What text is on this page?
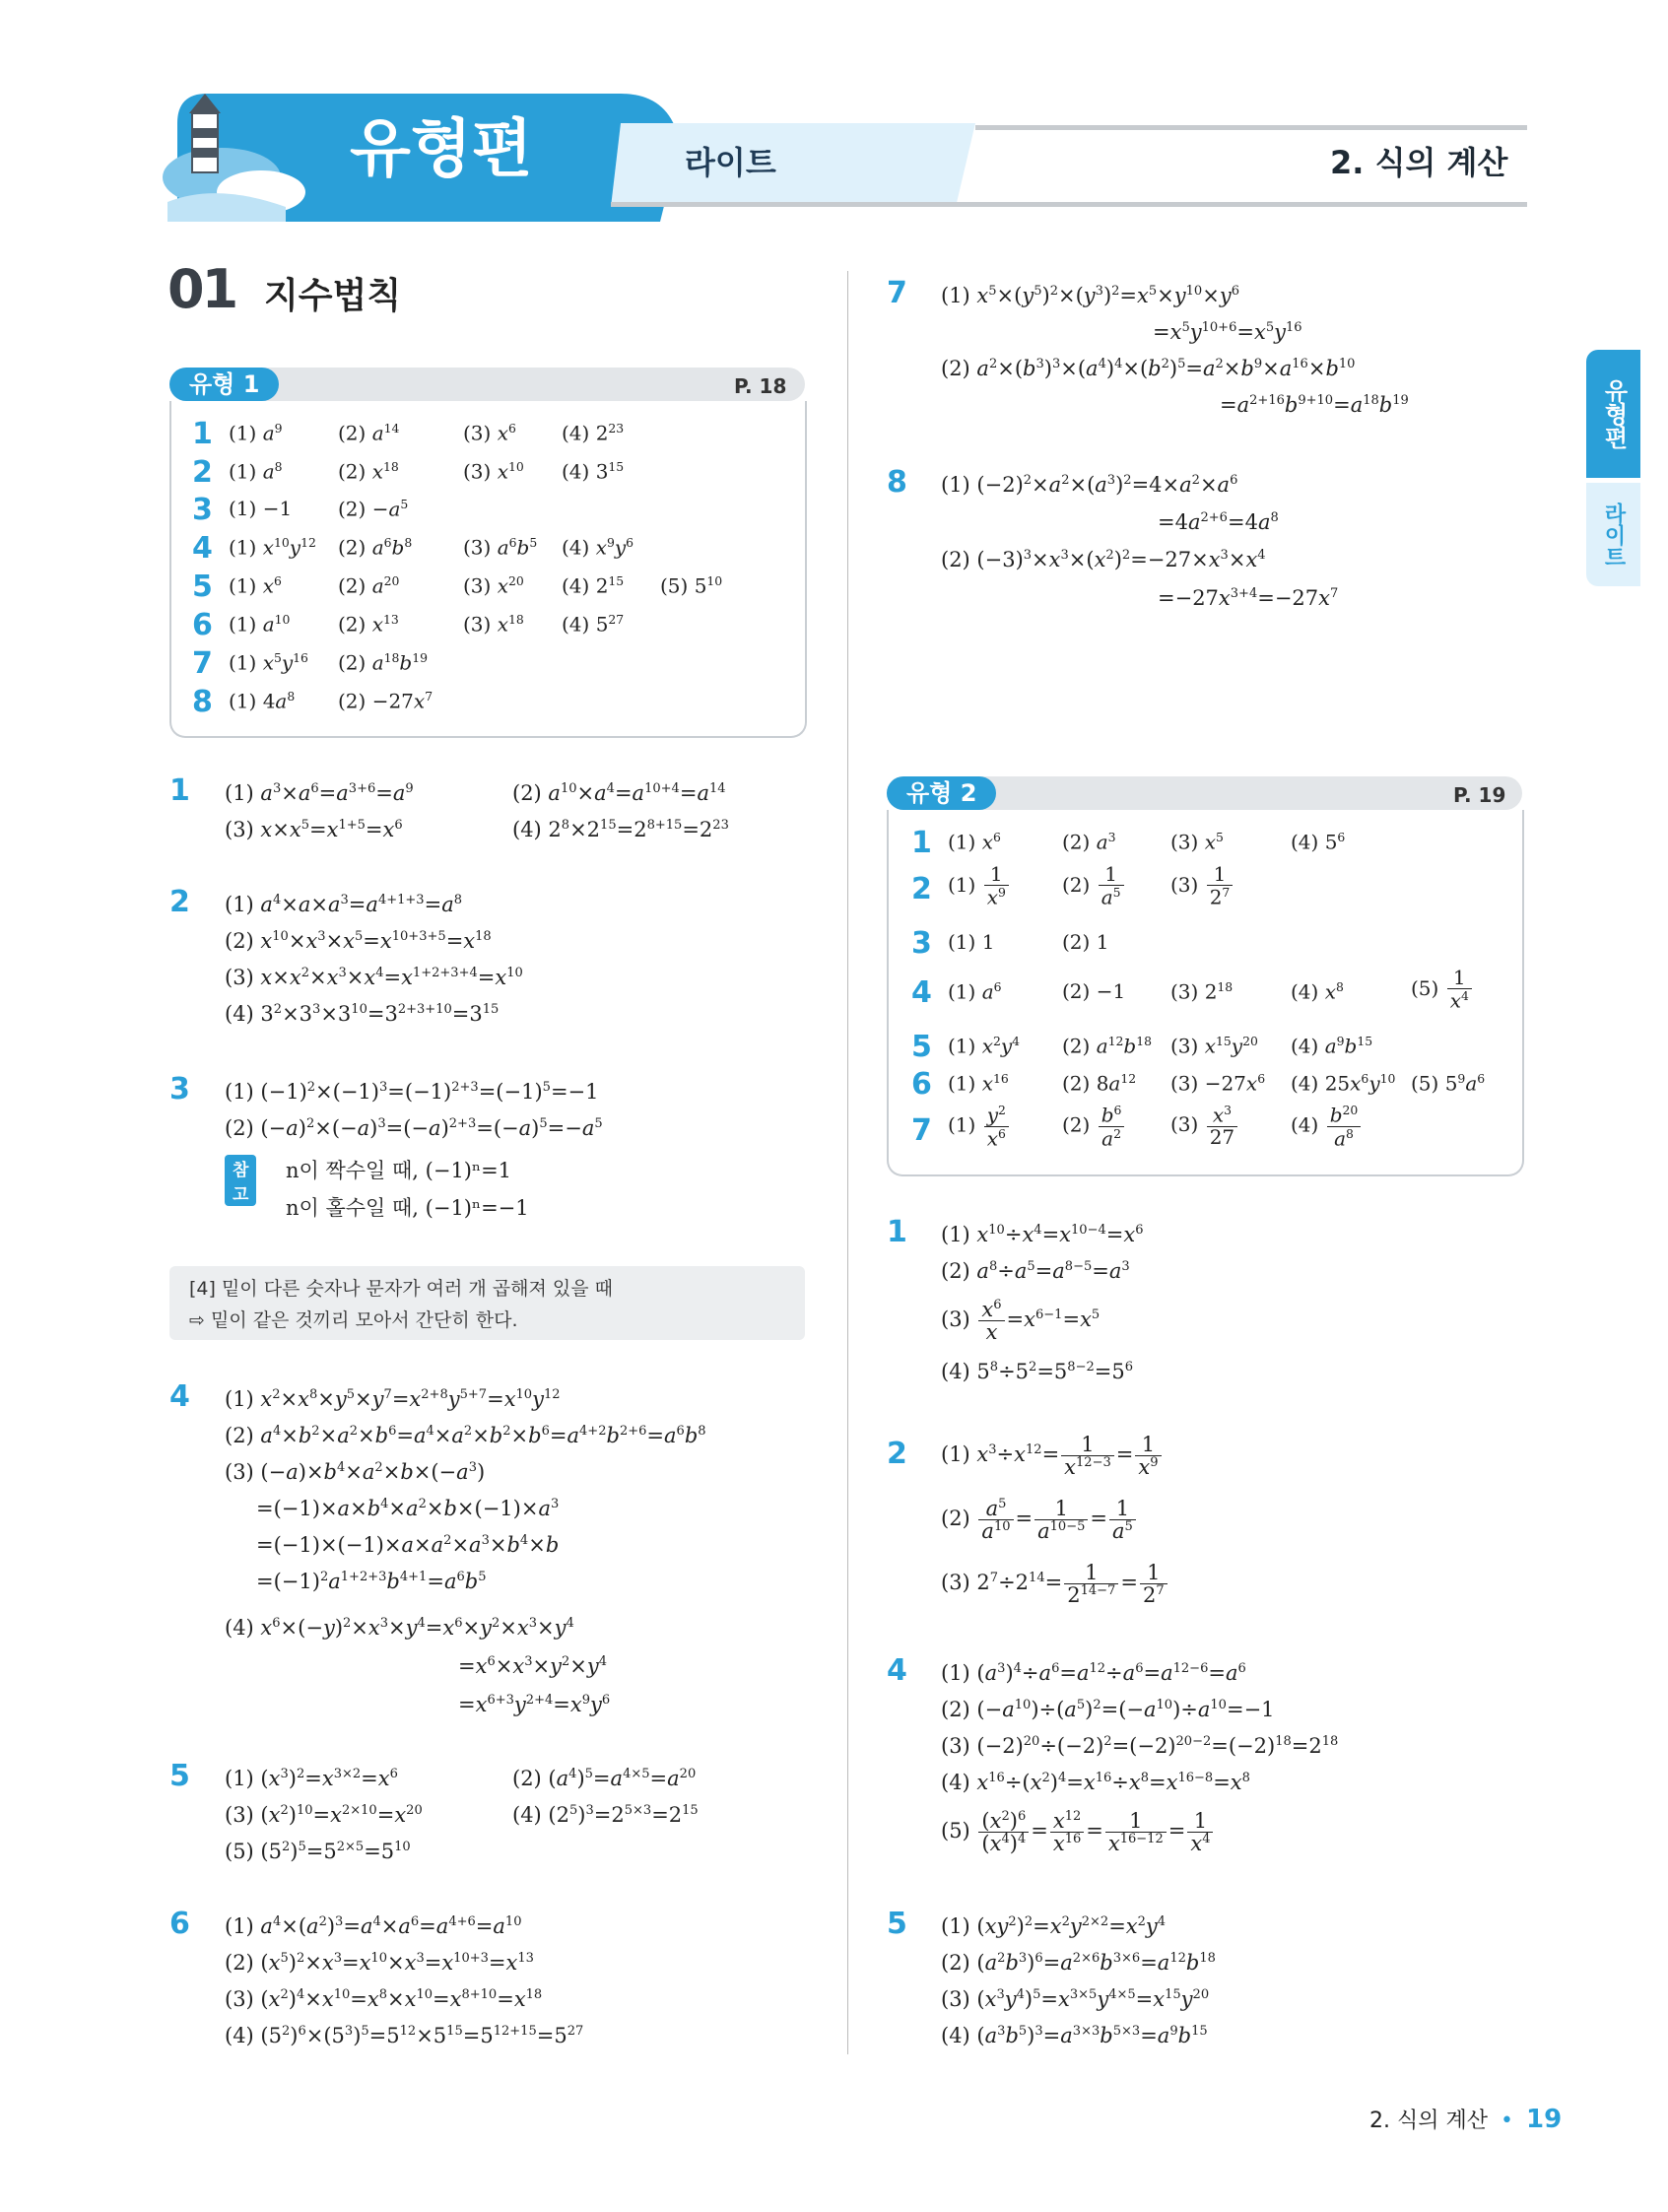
유형편	라이트	2. 식의 계산
유형편
라이트
01 지수법칙
유형 1	P. 18
1 (1) $a^9$	(2) $a^{14}$	(3) $x^6$ (4) $2^{23}$
2 (1) $a^8$	(2) $x^{18}$	(3) $x^{10}$ (4) $3^{15}$
3 (1) −1 $(2) -a^5$
4 (1) $x^{10}y^{12}$ (2) $a^6b^8$	(3) $a^6b^5$ (4) $x^9y^6$
5 (1) $x^6$	(2) $a^{20}$	(3) $x^{20}$ (4) $2^{15}$ (5) $5^{10}$
6 (1) $a^{10}$ (2) $x^{13}$	(3) $x^{18}$ (4) $5^{27}$
7 (1) $x^5y^{16}$ (2) $a^{18}b^{19}$
8 (1) $4a^8$ $(2) -27x^7$
1 (1) $a^3\times a^6=a^{3+6}=a^9$	(2) $a^{10}\times a^4=a^{10+4}=a^{14}$
(3) $x\times x^5=x^{1+5}=x^6$	(4) $2^8\times 2^{15}=2^{8+15}=2^{23}$
2 (1) $a^4\times a\times a^3=a^{4+1+3}=a^8$
(2) $x^{10}\times x^3\times x^5=x^{10+3+5}=x^{18}$
(3) $x\times x^2\times x^3\times x^4=x^{1+2+3+4}=x^{10}$
(4) $3^2\times 3^3\times 3^{10}=3^{2+3+10}=3^{15}$
3 (1) $(-1)^2\times(-1)^3=(-1)^{2+3}=(-1)^5=-1$
(2) $(-a)^2\times(-a)^3=(-a)^{2+3}=(-a)^5=-a^5$
참고
n이 짝수일 때, (−1)ⁿ=1
n이 홀수일 때, (−1)ⁿ=−1
[4] 밑이 다른 숫자나 문자가 여러 개 곱해져 있을 때
⇨ 밑이 같은 것끼리 모아서 간단히 한다.
4 (1) $x^2\times x^8\times y^5\times y^7=x^{2+8}y^{5+7}=x^{10}y^{12}$
(2) $a^4\times b^2\times a^2\times b^6=a^4\times a^2\times b^2\times b^6=a^{4+2}b^{2+6}=a^6b^8$
(3) $(-a)\times b^4\times a^2\times b\times(-a^3)$
$=(-1)\times a\times b^4\times a^2\times b\times(-1)\times a^3$
$=(-1)\times(-1)\times a\times a^2\times a^3\times b^4\times b$
$=(-1)^2a^{1+2+3}b^{4+1}=a^6b^5$
(4) $x^6\times(-y)^2\times x^3\times y^4=x^6\times y^2\times x^3\times y^4$
$=x^6\times x^3\times y^2\times y^4$
$=x^{6+3}y^{2+4}=x^9y^6$
5 (1) $(x^3)^2=x^{3\times 2}=x^6$	(2) $(a^4)^5=a^{4\times 5}=a^{20}$
(3) $(x^2)^{10}=x^{2\times 10}=x^{20}$	(4) $(2^5)^3=2^{5\times 3}=2^{15}$
(5) $(5^2)^5=5^{2\times 5}=5^{10}$
6 (1) $a^4\times(a^2)^3=a^4\times a^6=a^{4+6}=a^{10}$
(2) $(x^5)^2\times x^3=x^{10}\times x^3=x^{10+3}=x^{13}$
(3) $(x^2)^4\times x^{10}=x^8\times x^{10}=x^{8+10}=x^{18}$
(4) $(5^2)^6\times(5^3)^5=5^{12}\times 5^{15}=5^{12+15}=5^{27}$
7 (1) $x^5\times(y^5)^2\times(y^3)^2=x^5\times y^{10}\times y^6$
$=x^5y^{10+6}=x^5y^{16}$
(2) $a^2\times(b^3)^3\times(a^4)^4\times(b^2)^5=a^2\times b^9\times a^{16}\times b^{10}$
$=a^{2+16}b^{9+10}=a^{18}b^{19}$
8 (1) $(-2)^2\times a^2\times(a^3)^2=4\times a^2\times a^6$
$=4a^{2+6}=4a^8$
(2) $(-3)^3\times x^3\times(x^2)^2=-27\times x^3\times x^4$
$=-27x^{3+4}=-27x^7$
유형 2	P. 19
1 (1) $x^6$	(2) $a^3$	(3) $x^5$	(4) $5^6$
2 $(1) \frac{1}{x^9}$	$(2) \frac{1}{a^5} (3) \frac{1}{2^7}$
3 (1) 1	(2) 1
4 (1) $a^6$	(2) −1 (3) $2^{18}$	(4) $x^8$	$(5) \frac{1}{x^4}$
5 (1) $x^2y^4$ (2) $a^{12}b^{18}$ (3) $x^{15}y^{20}$ (4) $a^9b^{15}$
6 (1) $x^{16}$	(2) $8a^{12}$ $(3) -27x^6$ (4) $25x^6y^{10}$ (5) $5^9a^6$
7 $(1) \frac{y^2}{x^6}$	$(2) \frac{b^6}{a^2} (3) \frac{x^3}{27}$	$(4) \frac{b^{20}}{a^8}$
1 (1) $x^{10}\div x^4=x^{10-4}=x^6$
(2) $a^8\div a^5=a^{8-5}=a^3$
$(3) \frac{x^6}{x} =x^{6-1}=x^5$
(4) $5^8\div 5^2=5^{8-2}=5^6$
2 (1) $x^3\div x^{12}= \frac{1}{x^{12-3}} = \frac{1}{x^9}$
$(2) \frac{a^5}{a^{10}} = \frac{1}{a^{10-5}} = \frac{1}{a^5}$
(3) $2^7\div 2^{14}= \frac{1}{2^{14-7}} = \frac{1}{2^7}$
4 (1) $(a^3)^4\div a^6=a^{12}\div a^6=a^{12-6}=a^6$
(2) $(-a^{10})\div(a^5)^2=(-a^{10})\div a^{10}=-1$
(3) $(-2)^{20}\div(-2)^2=(-2)^{20-2}=(-2)^{18}=2^{18}$
(4) $x^{16}\div(x^2)^4=x^{16}\div x^8=x^{16-8}=x^8$
$(5) \frac{(x^2)^6}{(x^4)^4} = \frac{x^{12}}{x^{16}} = \frac{1}{x^{16-12}} = \frac{1}{x^4}$
5 (1) $(xy^2)^2=x^2y^{2\times 2}=x^2y^4$
(2) $(a^2b^3)^6=a^{2\times 6}b^{3\times 6}=a^{12}b^{18}$
(3) $(x^3y^4)^5=x^{3\times 5}y^{4\times 5}=x^{15}y^{20}$
(4) $(a^3b^5)^3=a^{3\times 3}b^{5\times 3}=a^9b^{15}$
2. 식의 계산 • 19
